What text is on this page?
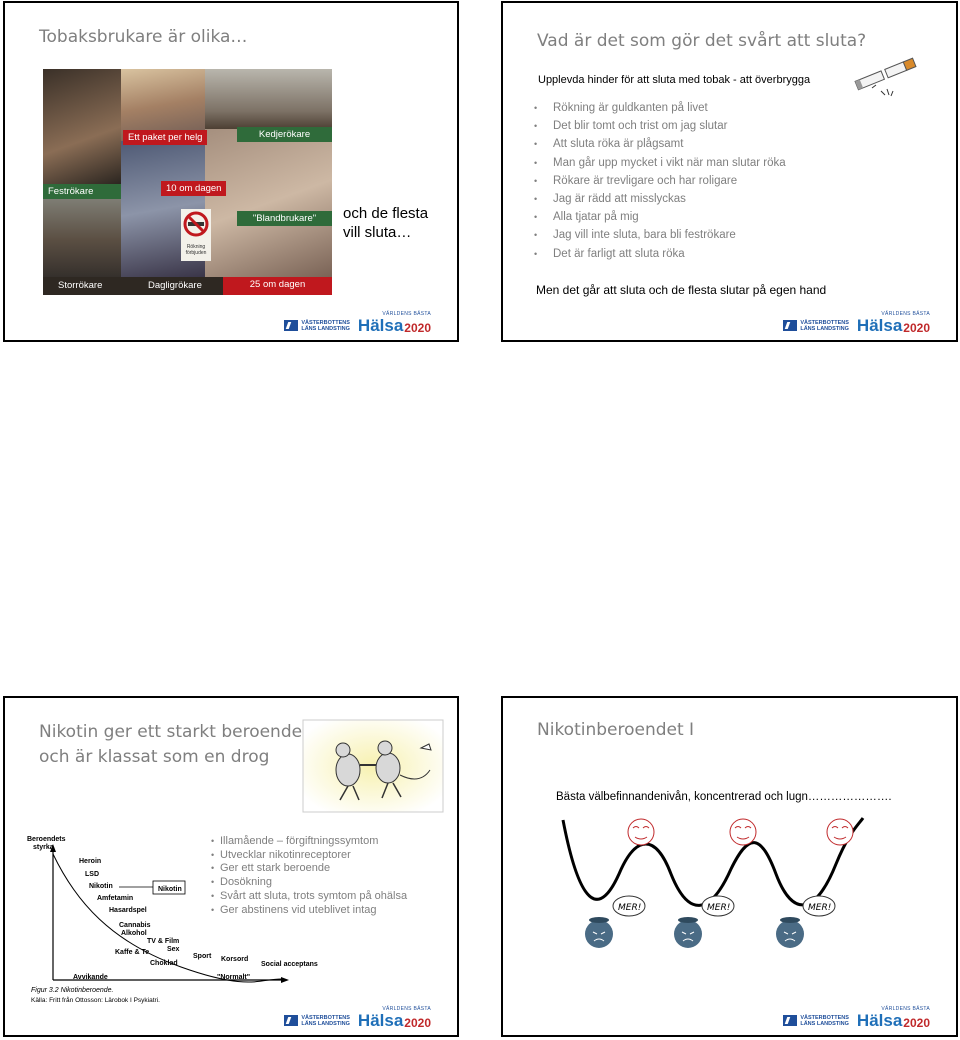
Tobaksbrukare är olika…
Rökning förbjuden
Ett paket per helg	Kedjerökare
Feströkare	10 om dagen
"Blandbrukare"
Storrökare	Dagligrökare	25 om dagen
och de flesta
vill sluta…
VÄSTERBOTTENS
LÄNS LANDSTING
VÄRLDENS BÄSTA
Hälsa 2020
Vad är det som gör det svårt att sluta?
Upplevda hinder för att sluta med tobak - att överbrygga
• Rökning är guldkanten på livet
• Det blir tomt och trist om jag slutar
• Att sluta röka är plågsamt
• Man går upp mycket i vikt när man slutar röka
• Rökare är trevligare och har roligare
• Jag är rädd att misslyckas
• Alla tjatar på mig
• Jag vill inte sluta, bara bli feströkare
• Det är farligt att sluta röka
Men det går att sluta och de flesta slutar på egen hand
VÄSTERBOTTENS
LÄNS LANDSTING
VÄRLDENS BÄSTA
Hälsa 2020
Nikotin ger ett starkt beroende
och är klassat som en drog
Beroendets
styrka
Heroin
LSD
Nikotin
Amfetamin
Hasardspel
Cannabis
Alkohol
TV & Film
Sex
Kaffe & Te
Choklad
Sport Korsord
Social acceptans
Nikotin
Avvikande	"Normalt"
Figur 3.2 Nikotinberoende.
Källa: Fritt från Ottosson: Lärobok I Psykiatri.
• Illamående – förgiftningssymtom
• Utvecklar nikotinreceptorer
• Ger ett stark beroende
• Dosökning
• Svårt att sluta, trots symtom på ohälsa
• Ger abstinens vid uteblivet intag
VÄSTERBOTTENS
LÄNS LANDSTING
VÄRLDENS BÄSTA
Hälsa 2020
Nikotinberoendet I
Bästa välbefinnandenivån, koncentrerad och lugn………………….
MER!	MER!	MER!
VÄSTERBOTTENS
LÄNS LANDSTING
VÄRLDENS BÄSTA
Hälsa 2020
